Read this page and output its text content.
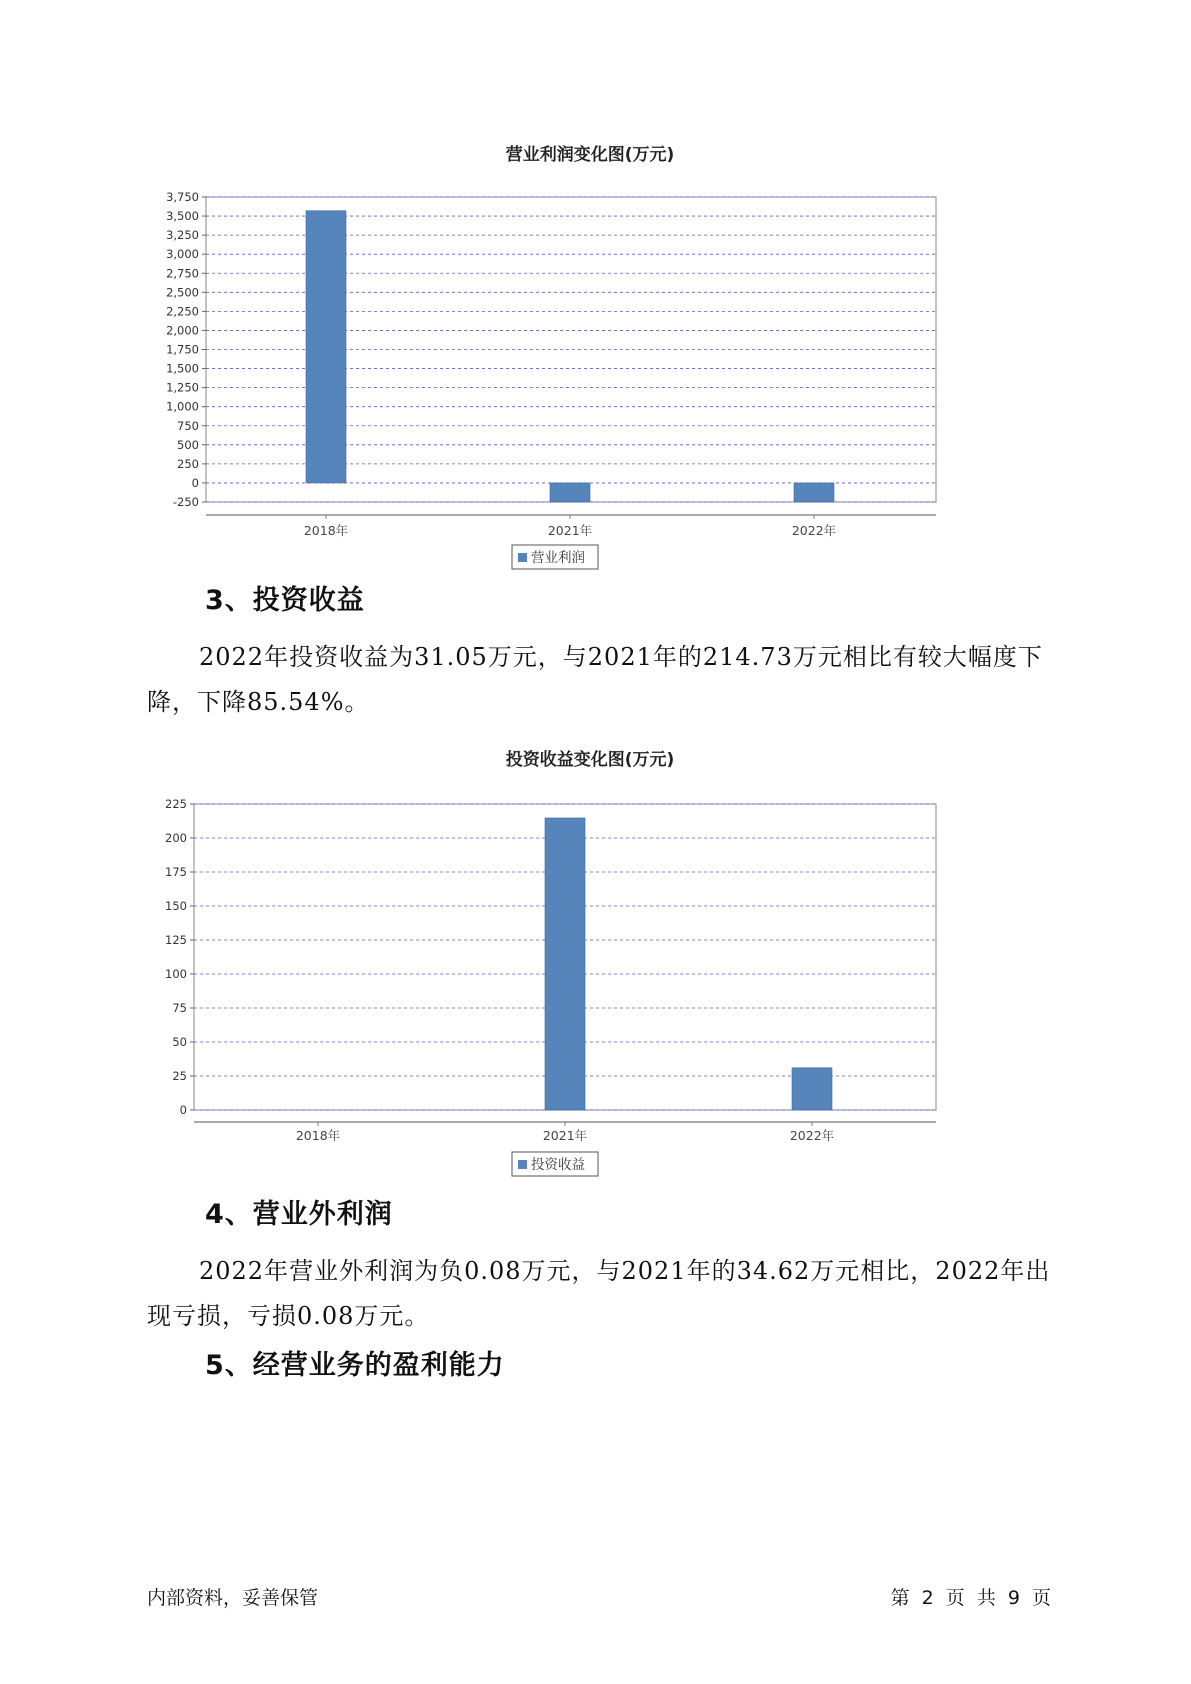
营业利润变化图(万元)
-250
0
250
500
750
1,000
1,250
1,500
1,750
2,000
2,250
2,500
2,750
3,000
3,250
3,500
3,750
2018年	2021年	2022年
营业利润
3、投资收益
2022年投资收益为31.05万元，与2021年的214.73万元相比有较大幅度下降，下降85.54%。
投资收益变化图(万元)
0
25
50
75
100
125
150
175
200
225
2018年	2021年	2022年
投资收益
4、营业外利润
2022年营业外利润为负0.08万元，与2021年的34.62万元相比，2022年出现亏损，亏损0.08万元。
5、经营业务的盈利能力
内部资料，妥善保管	第 2 页 共 9 页
